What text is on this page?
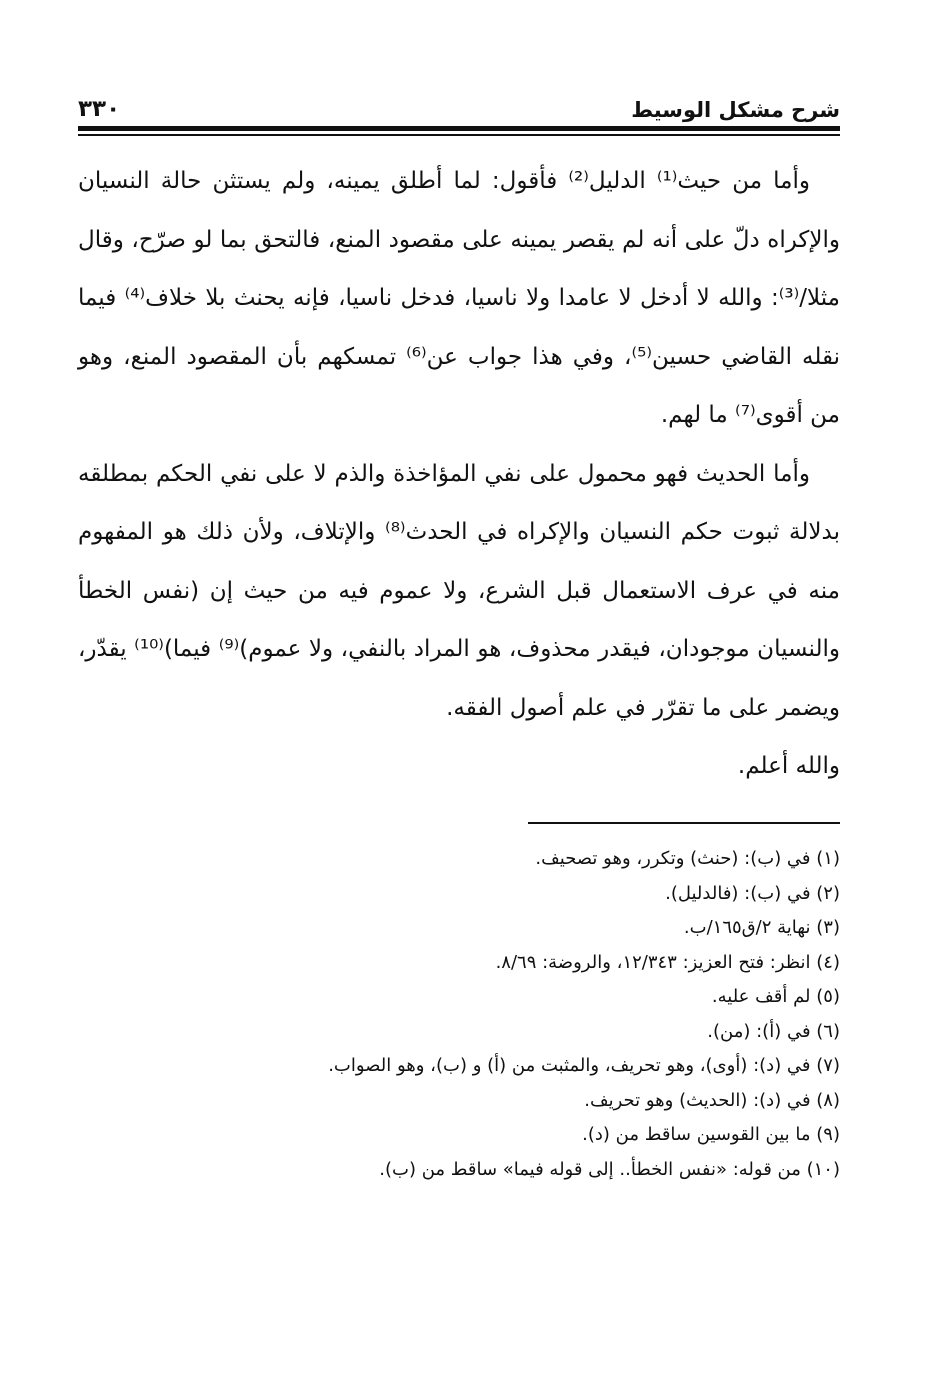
٣٣٠	شرح مشكل الوسيط

وأما من حيث⁽¹⁾ الدليل⁽²⁾ فأقول: لما أطلق يمينه، ولم يستثن حالة النسيان والإكراه دلّ على أنه لم يقصر يمينه على مقصود المنع، فالتحق بما لو صرّح، وقال مثلا/⁽³⁾: والله لا أدخل لا عامدا ولا ناسيا، فدخل ناسيا، فإنه يحنث بلا خلاف⁽⁴⁾ فيما نقله القاضي حسين⁽⁵⁾، وفي هذا جواب عن⁽⁶⁾ تمسكهم بأن المقصود المنع، وهو من أقوى⁽⁷⁾ ما لهم.

وأما الحديث فهو محمول على نفي المؤاخذة والذم لا على نفي الحكم بمطلقه بدلالة ثبوت حكم النسيان والإكراه في الحدث⁽⁸⁾ والإتلاف، ولأن ذلك هو المفهوم منه في عرف الاستعمال قبل الشرع، ولا عموم فيه من حيث إن (نفس الخطأ والنسيان موجودان، فيقدر محذوف، هو المراد بالنفي، ولا عموم)⁽⁹⁾ فيما)⁽¹⁰⁾ يقدّر، ويضمر على ما تقرّر في علم أصول الفقه.

والله أعلم.

(١) في (ب): (حنث) وتكرر، وهو تصحيف.
(٢) في (ب): (فالدليل).
(٣) نهاية ٢/ق١٦٥/ب.
(٤) انظر: فتح العزيز: ١٢/٣٤٣، والروضة: ٨/٦٩.
(٥) لم أقف عليه.
(٦) في (أ): (من).
(٧) في (د): (أوى)، وهو تحريف، والمثبت من (أ) و (ب)، وهو الصواب.
(٨) في (د): (الحديث) وهو تحريف.
(٩) ما بين القوسين ساقط من (د).
(١٠) من قوله: «نفس الخطأ.. إلى قوله فيما» ساقط من (ب).
